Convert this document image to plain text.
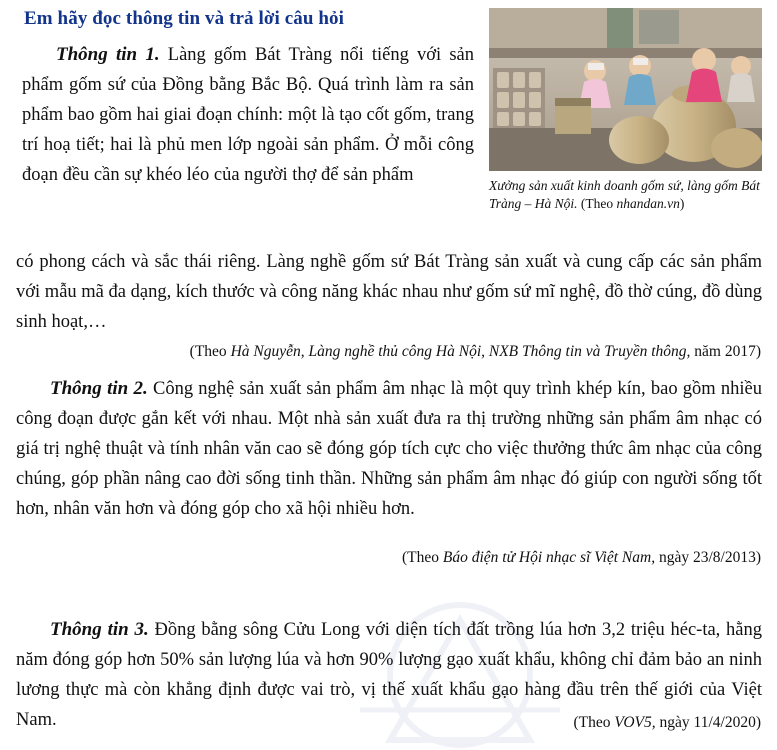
Em hãy đọc thông tin và trả lời câu hỏi
Xưởng sản xuất kinh doanh gốm sứ, làng gốm Bát Tràng – Hà Nội. (Theo nhandan.vn)
Thông tin 1. Làng gốm Bát Tràng nổi tiếng với sản phẩm gốm sứ của Đồng bằng Bắc Bộ. Quá trình làm ra sản phẩm bao gồm hai giai đoạn chính: một là tạo cốt gốm, trang trí hoạ tiết; hai là phủ men lớp ngoài sản phẩm. Ở mỗi công đoạn đều cần sự khéo léo của người thợ để sản phẩm
có phong cách và sắc thái riêng. Làng nghề gốm sứ Bát Tràng sản xuất và cung cấp các sản phẩm với mẫu mã đa dạng, kích thước và công năng khác nhau như gốm sứ mĩ nghệ, đồ thờ cúng, đồ dùng sinh hoạt,…
(Theo Hà Nguyễn, Làng nghề thủ công Hà Nội, NXB Thông tin và Truyền thông, năm 2017)
Thông tin 2. Công nghệ sản xuất sản phẩm âm nhạc là một quy trình khép kín, bao gồm nhiều công đoạn được gắn kết với nhau. Một nhà sản xuất đưa ra thị trường những sản phẩm âm nhạc có giá trị nghệ thuật và tính nhân văn cao sẽ đóng góp tích cực cho việc thưởng thức âm nhạc của công chúng, góp phần nâng cao đời sống tinh thần. Những sản phẩm âm nhạc đó giúp con người sống tốt hơn, nhân văn hơn và đóng góp cho xã hội nhiều hơn.
(Theo Báo điện tử Hội nhạc sĩ Việt Nam, ngày 23/8/2013)
Thông tin 3. Đồng bằng sông Cửu Long với diện tích đất trồng lúa hơn 3,2 triệu héc-ta, hằng năm đóng góp hơn 50% sản lượng lúa và hơn 90% lượng gạo xuất khẩu, không chỉ đảm bảo an ninh lương thực mà còn khẳng định được vai trò, vị thế xuất khẩu gạo hàng đầu trên thế giới của Việt Nam.	(Theo VOV5, ngày 11/4/2020)
